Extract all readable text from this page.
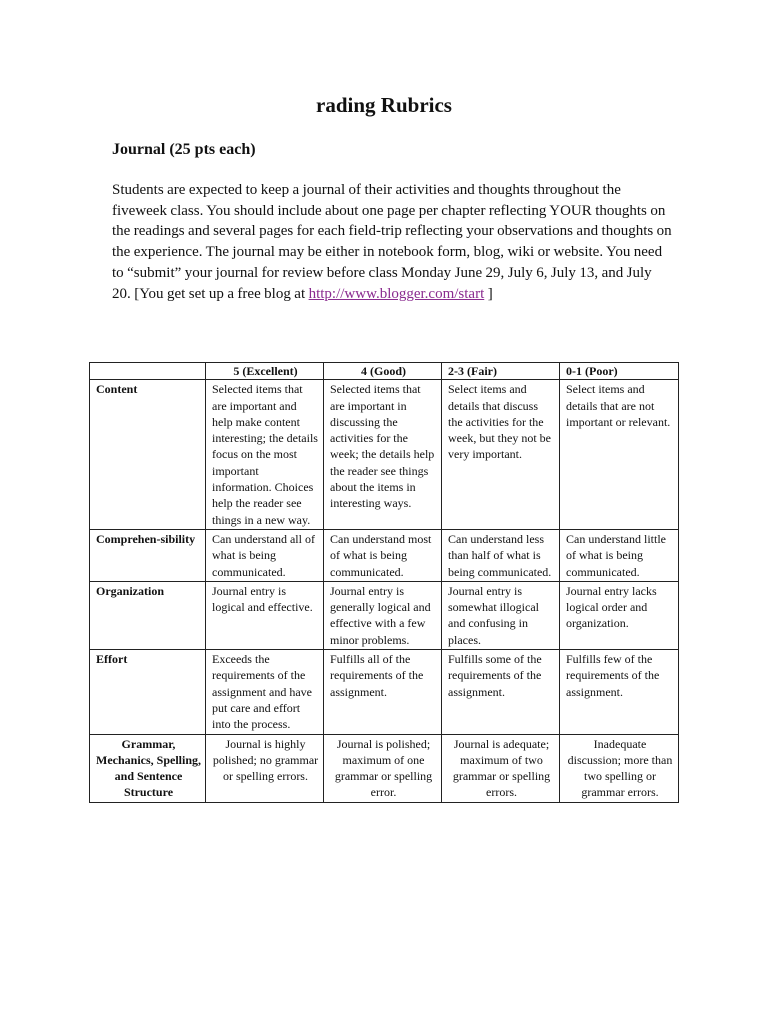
rading Rubrics
Journal (25 pts each)

Students are expected to keep a journal of their activities and thoughts throughout the fiveweek class. You should include about one page per chapter reflecting YOUR thoughts on the readings and several pages for each field-trip reflecting your observations and thoughts on the experience. The journal may be either in notebook form, blog, wiki or website. You need to “submit” your journal for review before class Monday June 29, July 6, July 13, and July 20. [You get set up a free blog at http://www.blogger.com/start ]

	5 (Excellent)	4 (Good)	2-3 (Fair)	0-1 (Poor)
Content	Selected items that are important and help make content interesting; the details focus on the most important information. Choices help the reader see things in a new way.	Selected items that are important in discussing the activities for the week; the details help the reader see things about the items in interesting ways.	Select items and details that discuss the activities for the week, but they not be very important.	Select items and details that are not important or relevant.
Comprehen-sibility	Can understand all of what is being communicated.	Can understand most of what is being communicated.	Can understand less than half of what is being communicated.	Can understand little of what is being communicated.
Organization	Journal entry is logical and effective.	Journal entry is generally logical and effective with a few minor problems.	Journal entry is somewhat illogical and confusing in places.	Journal entry lacks logical order and organization.
Effort	Exceeds the requirements of the assignment and have put care and effort into the process.	Fulfills all of the requirements of the assignment.	Fulfills some of the requirements of the assignment.	Fulfills few of the requirements of the assignment.
Grammar, Mechanics, Spelling, and Sentence Structure	Journal is highly polished; no grammar or spelling errors.	Journal is polished; maximum of one grammar or spelling error.	Journal is adequate; maximum of two grammar or spelling errors.	Inadequate discussion; more than two spelling or grammar errors.
